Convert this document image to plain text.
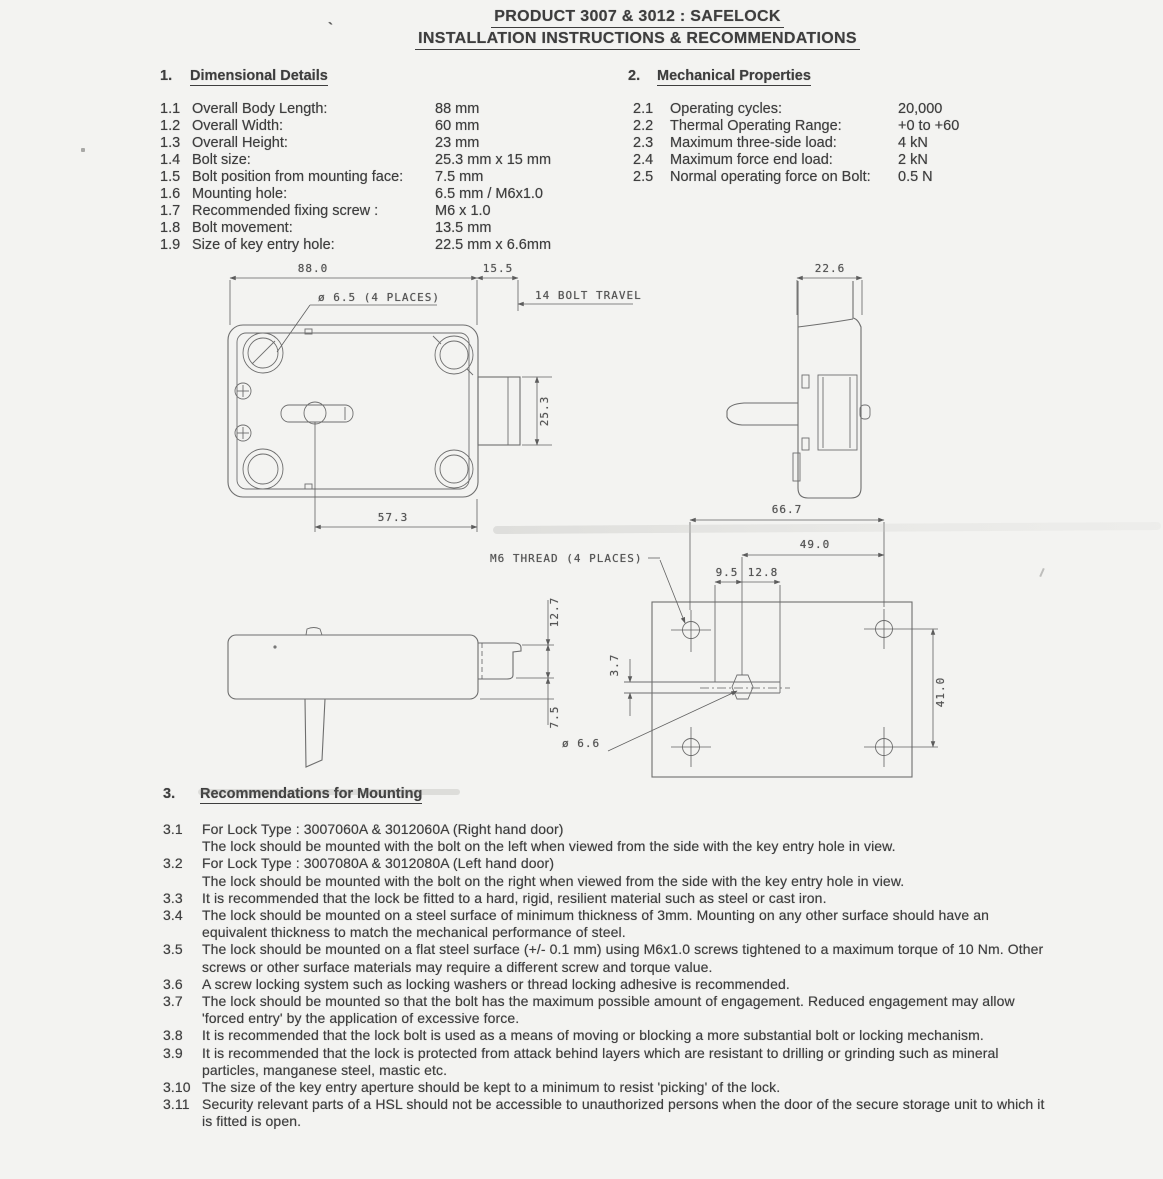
PRODUCT 3007 & 3012 : SAFELOCK
INSTALLATION INSTRUCTIONS & RECOMMENDATIONS
1. Dimensional Details	2. Mechanical Properties
3. Recommendations for Mounting
1.1 Overall Body Length:	88 mm
1.2 Overall Width:	60 mm
1.3 Overall Height:	23 mm
1.4 Bolt size:	25.3 mm x 15 mm
1.5 Bolt position from mounting face:	7.5 mm
1.6 Mounting hole:	6.5 mm / M6x1.0
1.7 Recommended fixing screw :	M6 x 1.0
1.8 Bolt movement:	13.5 mm
1.9 Size of key entry hole:	22.5 mm x 6.6mm
2.1	Operating cycles:	20,000
2.2	Thermal Operating Range:	+0 to +60
2.3	Maximum three-side load:	4 kN
2.4	Maximum force end load:	2 kN
2.5	Normal operating force on Bolt:	0.5 N
88.0	15.5
14 BOLT TRAVEL
ø 6.5 (4 PLACES)
25.3
57.3
22.6
12.7
7.5
66.7
49.0
9.5 12.8
3.7
41.0
M6 THREAD (4 PLACES)
ø 6.6
3.1	For Lock Type : 3007060A & 3012060A (Right hand door)
The lock should be mounted with the bolt on the left when viewed from the side with the key entry hole in view.
3.2	For Lock Type : 3007080A & 3012080A (Left hand door)
The lock should be mounted with the bolt on the right when viewed from the side with the key entry hole in view.
3.3	It is recommended that the lock be fitted to a hard, rigid, resilient material such as steel or cast iron.
3.4	The lock should be mounted on a steel surface of minimum thickness of 3mm. Mounting on any other surface should have an equivalent thickness to match the mechanical performance of steel.
3.5	The lock should be mounted on a flat steel surface (+/- 0.1 mm) using M6x1.0 screws tightened to a maximum torque of 10 Nm. Other screws or other surface materials may require a different screw and torque value.
3.6	A screw locking system such as locking washers or thread locking adhesive is recommended.
3.7	The lock should be mounted so that the bolt has the maximum possible amount of engagement. Reduced engagement may allow 'forced entry' by the application of excessive force.
3.8	It is recommended that the lock bolt is used as a means of moving or blocking a more substantial bolt or locking mechanism.
3.9	It is recommended that the lock is protected from attack behind layers which are resistant to drilling or grinding such as mineral particles, manganese steel, mastic etc.
3.10 The size of the key entry aperture should be kept to a minimum to resist 'picking' of the lock.
3.11 Security relevant parts of a HSL should not be accessible to unauthorized persons when the door of the secure storage unit to which it is fitted is open.
`
